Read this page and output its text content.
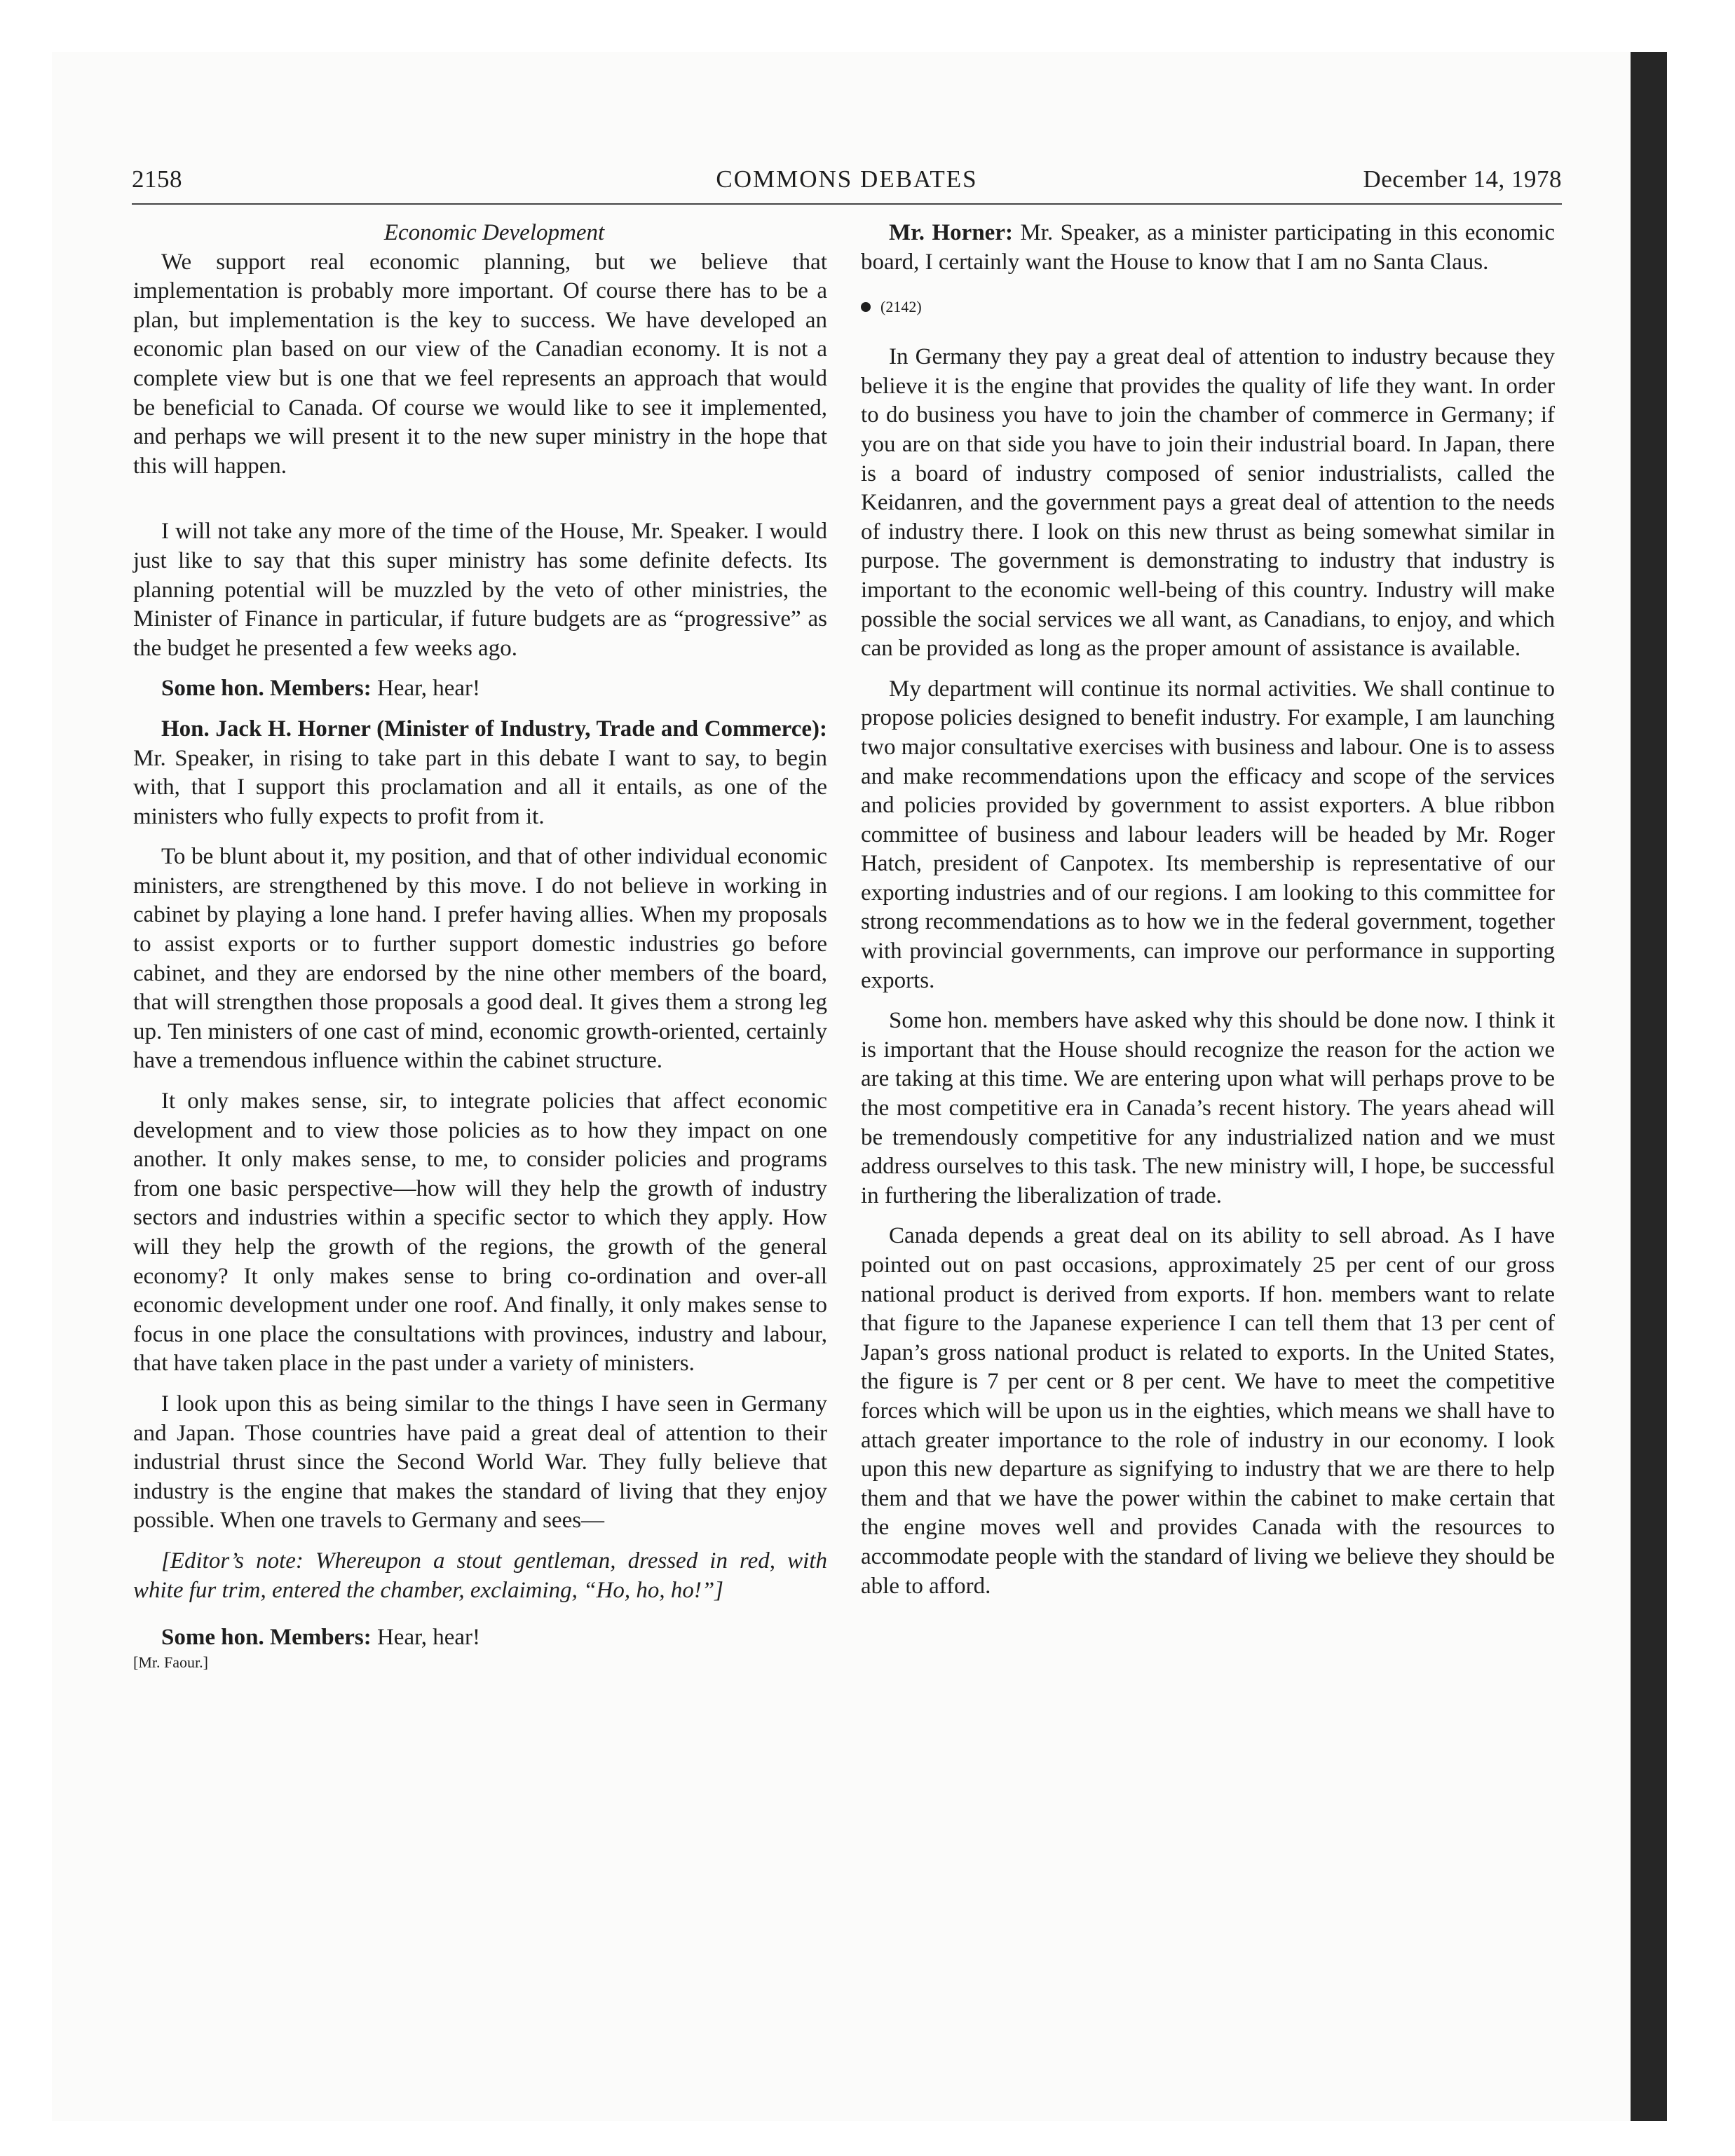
2158	COMMONS DEBATES	December 14, 1978

Economic Development

We support real economic planning, but we believe that implementation is probably more important. Of course there has to be a plan, but implementation is the key to success. We have developed an economic plan based on our view of the Canadian economy. It is not a complete view but is one that we feel represents an approach that would be beneficial to Canada. Of course we would like to see it implemented, and perhaps we will present it to the new super ministry in the hope that this will happen.

I will not take any more of the time of the House, Mr. Speaker. I would just like to say that this super ministry has some definite defects. Its planning potential will be muzzled by the veto of other ministries, the Minister of Finance in particular, if future budgets are as “progressive” as the budget he presented a few weeks ago.

Some hon. Members: Hear, hear!

Hon. Jack H. Horner (Minister of Industry, Trade and Commerce): Mr. Speaker, in rising to take part in this debate I want to say, to begin with, that I support this proclamation and all it entails, as one of the ministers who fully expects to profit from it.

To be blunt about it, my position, and that of other individual economic ministers, are strengthened by this move. I do not believe in working in cabinet by playing a lone hand. I prefer having allies. When my proposals to assist exports or to further support domestic industries go before cabinet, and they are endorsed by the nine other members of the board, that will strengthen those proposals a good deal. It gives them a strong leg up. Ten ministers of one cast of mind, economic growth-oriented, certainly have a tremendous influence within the cabinet structure.

It only makes sense, sir, to integrate policies that affect economic development and to view those policies as to how they impact on one another. It only makes sense, to me, to consider policies and programs from one basic perspective—how will they help the growth of industry sectors and industries within a specific sector to which they apply. How will they help the growth of the regions, the growth of the general economy? It only makes sense to bring co-ordination and over-all economic development under one roof. And finally, it only makes sense to focus in one place the consultations with provinces, industry and labour, that have taken place in the past under a variety of ministers.

I look upon this as being similar to the things I have seen in Germany and Japan. Those countries have paid a great deal of attention to their industrial thrust since the Second World War. They fully believe that industry is the engine that makes the standard of living that they enjoy possible. When one travels to Germany and sees—

[Editor’s note: Whereupon a stout gentleman, dressed in red, with white fur trim, entered the chamber, exclaiming, “Ho, ho, ho!”]

Some hon. Members: Hear, hear!

[Mr. Faour.]

Mr. Horner: Mr. Speaker, as a minister participating in this economic board, I certainly want the House to know that I am no Santa Claus.

(2142)

In Germany they pay a great deal of attention to industry because they believe it is the engine that provides the quality of life they want. In order to do business you have to join the chamber of commerce in Germany; if you are on that side you have to join their industrial board. In Japan, there is a board of industry composed of senior industrialists, called the Keidanren, and the government pays a great deal of attention to the needs of industry there. I look on this new thrust as being somewhat similar in purpose. The government is demonstrating to industry that industry is important to the economic well-being of this country. Industry will make possible the social services we all want, as Canadians, to enjoy, and which can be provided as long as the proper amount of assistance is available.

My department will continue its normal activities. We shall continue to propose policies designed to benefit industry. For example, I am launching two major consultative exercises with business and labour. One is to assess and make recommendations upon the efficacy and scope of the services and policies provided by government to assist exporters. A blue ribbon committee of business and labour leaders will be headed by Mr. Roger Hatch, president of Canpotex. Its membership is representative of our exporting industries and of our regions. I am looking to this committee for strong recommendations as to how we in the federal government, together with provincial governments, can improve our performance in supporting exports.

Some hon. members have asked why this should be done now. I think it is important that the House should recognize the reason for the action we are taking at this time. We are entering upon what will perhaps prove to be the most competitive era in Canada’s recent history. The years ahead will be tremendously competitive for any industrialized nation and we must address ourselves to this task. The new ministry will, I hope, be successful in furthering the liberalization of trade.

Canada depends a great deal on its ability to sell abroad. As I have pointed out on past occasions, approximately 25 per cent of our gross national product is derived from exports. If hon. members want to relate that figure to the Japanese experience I can tell them that 13 per cent of Japan’s gross national product is related to exports. In the United States, the figure is 7 per cent or 8 per cent. We have to meet the competitive forces which will be upon us in the eighties, which means we shall have to attach greater importance to the role of industry in our economy. I look upon this new departure as signifying to industry that we are there to help them and that we have the power within the cabinet to make certain that the engine moves well and provides Canada with the resources to accommodate people with the standard of living we believe they should be able to afford.
